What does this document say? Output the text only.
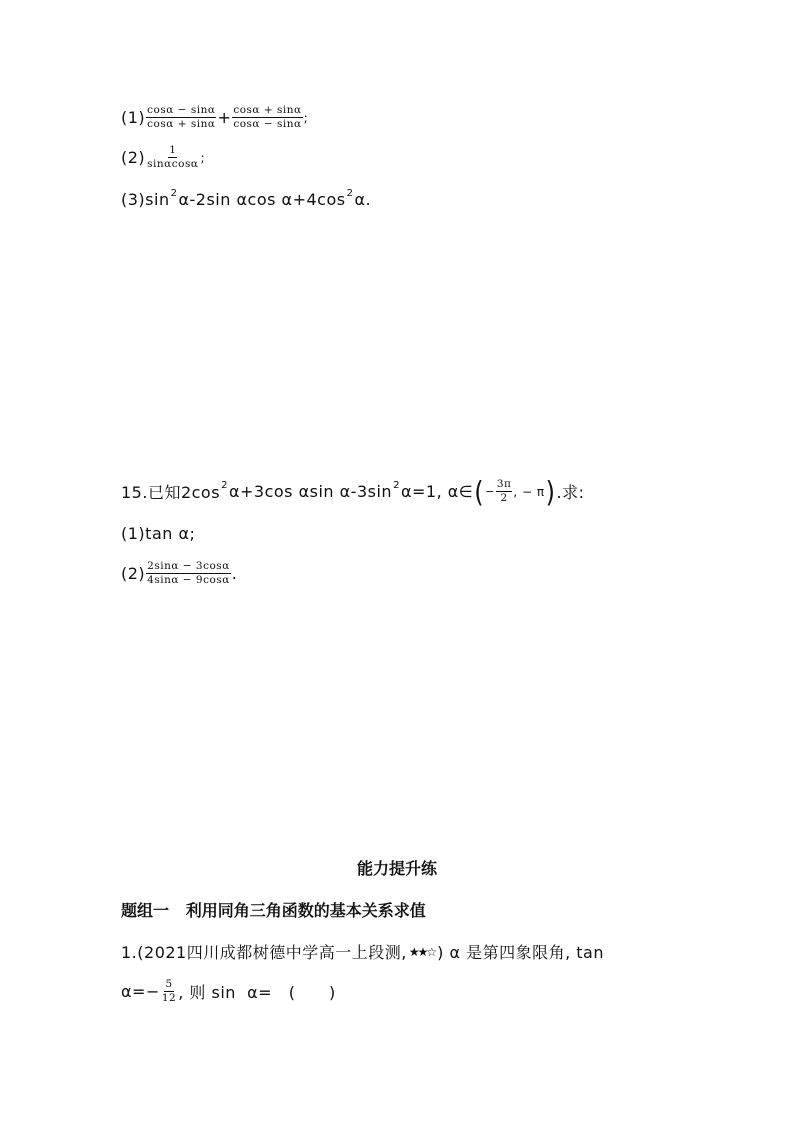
$(1) \frac{\cos\alpha - \sin\alpha}{\cos\alpha + \sin\alpha} + \frac{\cos\alpha + \sin\alpha}{\cos\alpha - \sin\alpha}$ ;
$(2) \frac{1}{\sin\alpha\cos\alpha}$ ;
(3) $\sin^2 \alpha-2\sin$ αcos $\alpha+4\cos^2$ α.
15.已知$2\cos^2$ α+3cos αsin $\alpha-3\sin^2$ α=1, α∈ ( − $\frac{3\pi}{2}$ , − π ) .求:
(1)tan α;
$(2) \frac{2\sin\alpha - 3\cos\alpha}{4\sin\alpha - 9\cos\alpha}$ .
能力提升练
题组一   利用同角三角函数的基本关系求值
1.(2021四川成都树德中学高一上段测, ★★☆ ) α 是第四象限角, tan
$\alpha=- \frac{5}{12}$ , 则 sin  α=   (      )
